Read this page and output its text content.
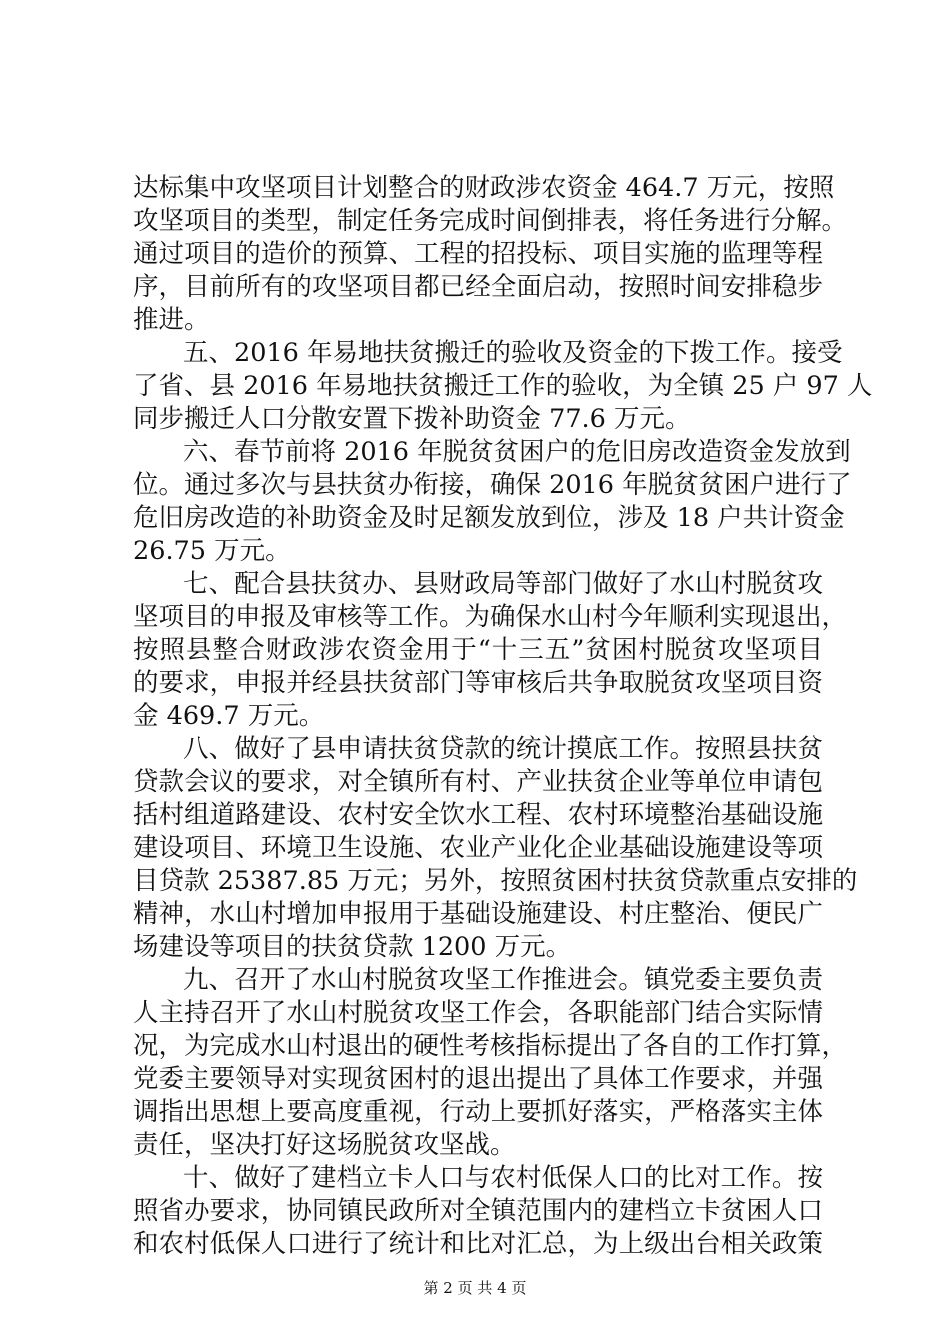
达标集中攻坚项目计划整合的财政涉农资金 464.7 万元，按照
攻坚项目的类型，制定任务完成时间倒排表，将任务进行分解。
通过项目的造价的预算、工程的招投标、项目实施的监理等程
序，目前所有的攻坚项目都已经全面启动，按照时间安排稳步
推进。
五、2016 年易地扶贫搬迁的验收及资金的下拨工作。接受
了省、县 2016 年易地扶贫搬迁工作的验收，为全镇 25 户 97 人
同步搬迁人口分散安置下拨补助资金 77.6 万元。
六、春节前将 2016 年脱贫贫困户的危旧房改造资金发放到
位。通过多次与县扶贫办衔接，确保 2016 年脱贫贫困户进行了
危旧房改造的补助资金及时足额发放到位，涉及 18 户共计资金
26.75 万元。
七、配合县扶贫办、县财政局等部门做好了水山村脱贫攻
坚项目的申报及审核等工作。为确保水山村今年顺利实现退出，
按照县整合财政涉农资金用于“十三五”贫困村脱贫攻坚项目
的要求，申报并经县扶贫部门等审核后共争取脱贫攻坚项目资
金 469.7 万元。
八、做好了县申请扶贫贷款的统计摸底工作。按照县扶贫
贷款会议的要求，对全镇所有村、产业扶贫企业等单位申请包
括村组道路建设、农村安全饮水工程、农村环境整治基础设施
建设项目、环境卫生设施、农业产业化企业基础设施建设等项
目贷款 25387.85 万元；另外，按照贫困村扶贫贷款重点安排的
精神，水山村增加申报用于基础设施建设、村庄整治、便民广
场建设等项目的扶贫贷款 1200 万元。
九、召开了水山村脱贫攻坚工作推进会。镇党委主要负责
人主持召开了水山村脱贫攻坚工作会，各职能部门结合实际情
况，为完成水山村退出的硬性考核指标提出了各自的工作打算，
党委主要领导对实现贫困村的退出提出了具体工作要求，并强
调指出思想上要高度重视，行动上要抓好落实，严格落实主体
责任，坚决打好这场脱贫攻坚战。
十、做好了建档立卡人口与农村低保人口的比对工作。按
照省办要求，协同镇民政所对全镇范围内的建档立卡贫困人口
和农村低保人口进行了统计和比对汇总，为上级出台相关政策
第 2 页 共 4 页
